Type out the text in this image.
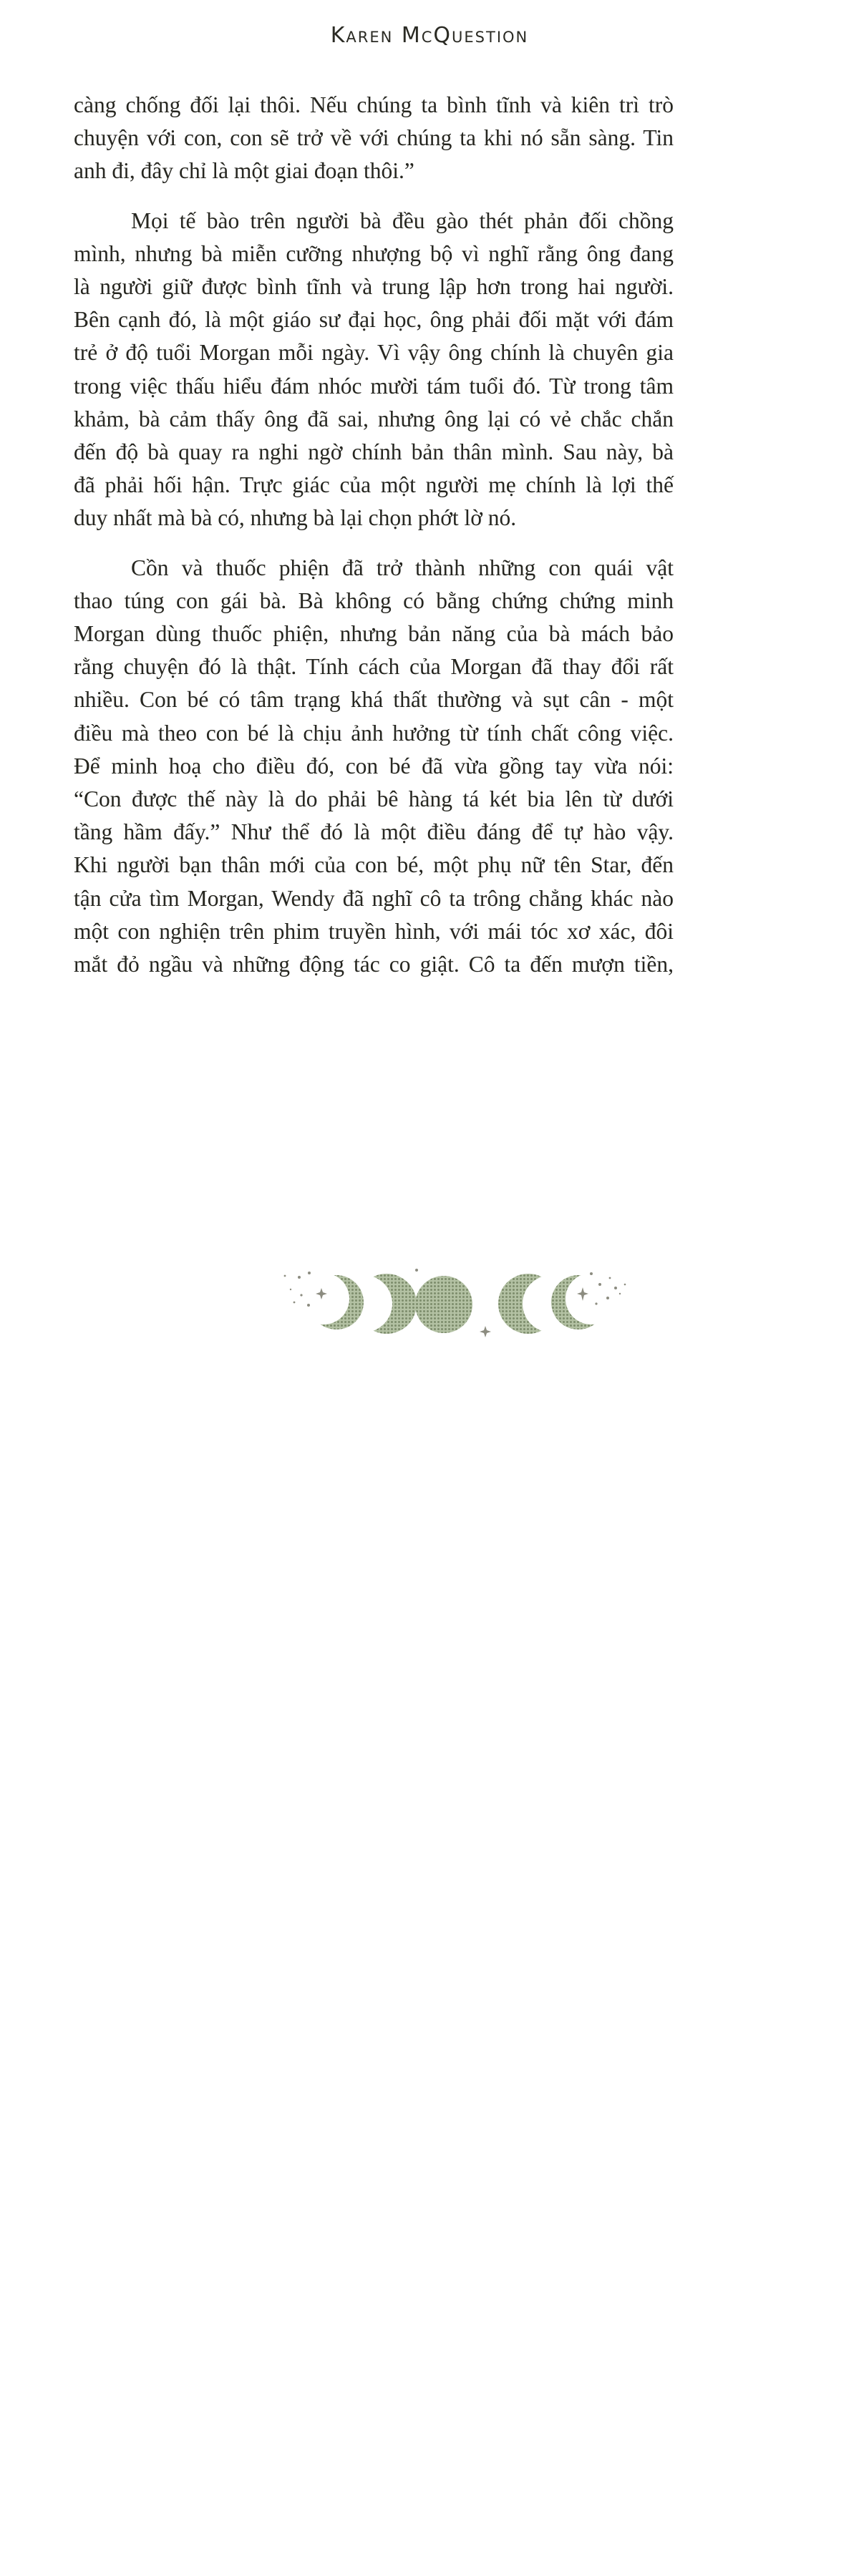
Karen McQuestion

càng chống đối lại thôi. Nếu chúng ta bình tĩnh và kiên trì trò
chuyện với con, con sẽ trở về với chúng ta khi nó sẵn sàng. Tin
anh đi, đây chỉ là một giai đoạn thôi.”

Mọi tế bào trên người bà đều gào thét phản đối chồng
mình, nhưng bà miễn cưỡng nhượng bộ vì nghĩ rằng ông đang
là người giữ được bình tĩnh và trung lập hơn trong hai người.
Bên cạnh đó, là một giáo sư đại học, ông phải đối mặt với đám
trẻ ở độ tuổi Morgan mỗi ngày. Vì vậy ông chính là chuyên gia
trong việc thấu hiểu đám nhóc mười tám tuổi đó. Từ trong tâm
khảm, bà cảm thấy ông đã sai, nhưng ông lại có vẻ chắc chắn
đến độ bà quay ra nghi ngờ chính bản thân mình. Sau này, bà
đã phải hối hận. Trực giác của một người mẹ chính là lợi thế
duy nhất mà bà có, nhưng bà lại chọn phớt lờ nó.

Cồn và thuốc phiện đã trở thành những con quái vật
thao túng con gái bà. Bà không có bằng chứng chứng minh
Morgan dùng thuốc phiện, nhưng bản năng của bà mách bảo
rằng chuyện đó là thật. Tính cách của Morgan đã thay đổi rất
nhiều. Con bé có tâm trạng khá thất thường và sụt cân - một
điều mà theo con bé là chịu ảnh hưởng từ tính chất công việc.
Để minh hoạ cho điều đó, con bé đã vừa gồng tay vừa nói:
“Con được thế này là do phải bê hàng tá két bia lên từ dưới
tầng hầm đấy.” Như thể đó là một điều đáng để tự hào vậy.
Khi người bạn thân mới của con bé, một phụ nữ tên Star, đến
tận cửa tìm Morgan, Wendy đã nghĩ cô ta trông chẳng khác nào
một con nghiện trên phim truyền hình, với mái tóc xơ xác, đôi
mắt đỏ ngầu và những động tác co giật. Cô ta đến mượn tiền,

8
